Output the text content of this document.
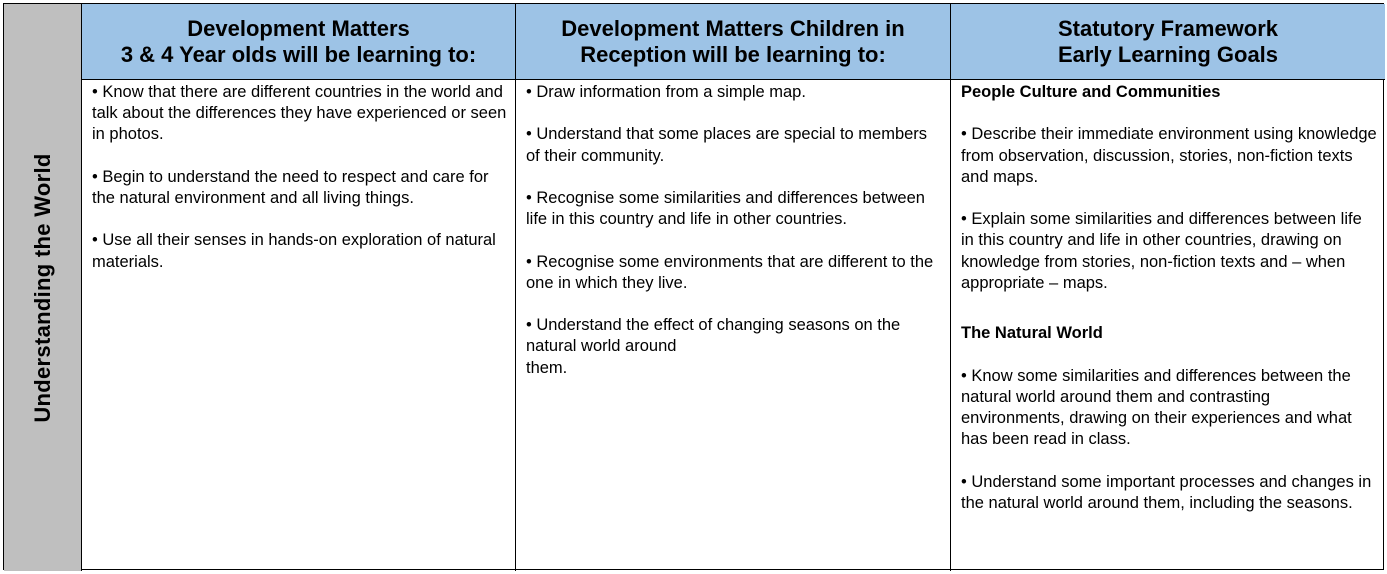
Understanding the World
Development Matters
3 & 4 Year olds will be learning to:
Development Matters Children in
Reception will be learning to:
Statutory Framework
Early Learning Goals

• Know that there are different countries in the world and talk about the differences they have experienced or seen in photos.

• Begin to understand the need to respect and care for the natural environment and all living things.

• Use all their senses in hands-on exploration of natural materials.

• Draw information from a simple map.

• Understand that some places are special to members of their community.

• Recognise some similarities and differences between life in this country and life in other countries.

• Recognise some environments that are different to the one in which they live.

• Understand the effect of changing seasons on the natural world around

them.

People Culture and Communities

• Describe their immediate environment using knowledge from observation, discussion, stories, non-fiction texts and maps.

• Explain some similarities and differences between life in this country and life in other countries, drawing on knowledge from stories, non-fiction texts and – when appropriate – maps.

The Natural World

• Know some similarities and differences between the natural world around them and contrasting environments, drawing on their experiences and what has been read in class.

• Understand some important processes and changes in the natural world around them, including the seasons.
